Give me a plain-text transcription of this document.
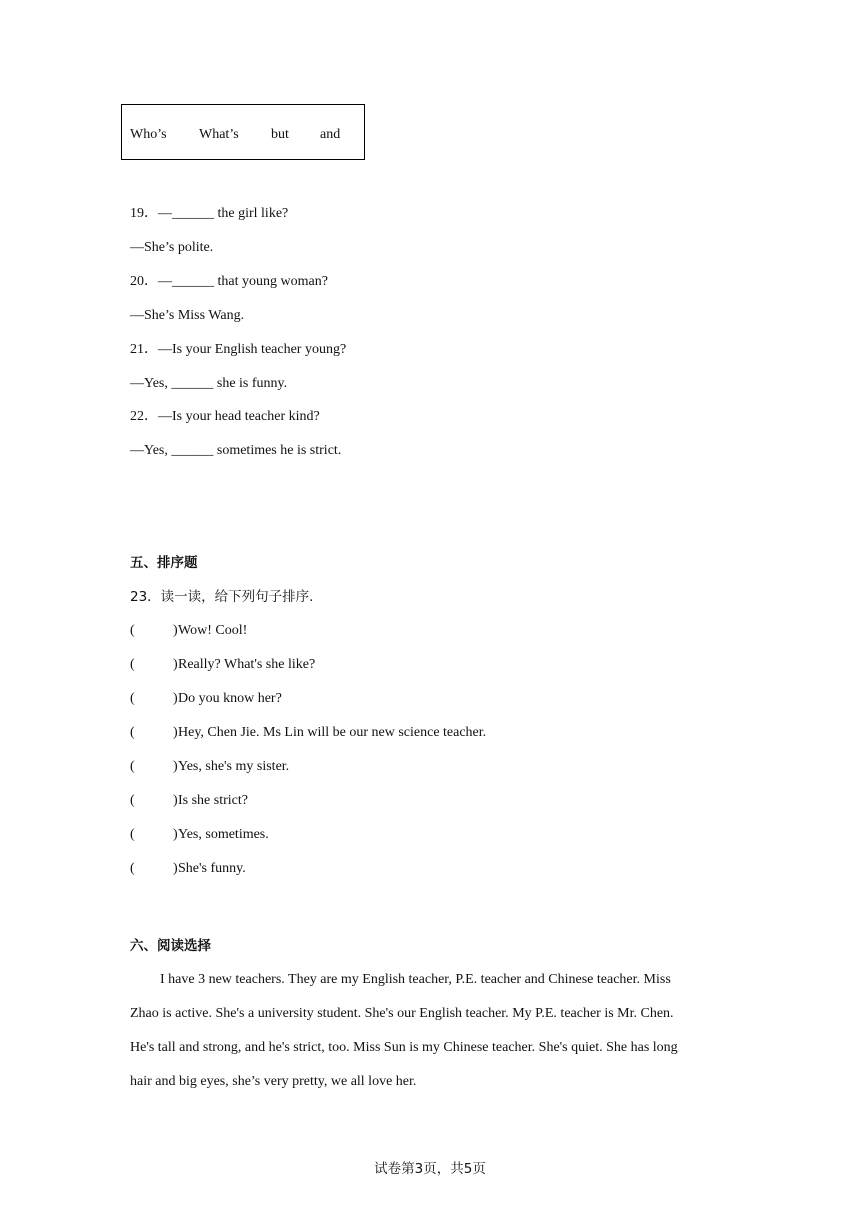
Who’s What’s but and
19．—______ the girl like?
—She’s polite.
20．—______ that young woman?
—She’s Miss Wang.
21．—Is your English teacher young?
—Yes, ______ she is funny.
22．—Is your head teacher kind?
—Yes, ______ sometimes he is strict.
五、排序题
23．读一读，给下列句子排序.
(	) Wow! Cool!
(	) Really? What's she like?
(	) Do you know her?
(	) Hey, Chen Jie. Ms Lin will be our new science teacher.
(	) Yes, she's my sister.
(	) Is she strict?
(	) Yes, sometimes.
(	) She's funny.
六、阅读选择
I have 3 new teachers. They are my English teacher, P.E. teacher and Chinese teacher. Miss
Zhao is active. She's a university student. She's our English teacher. My P.E. teacher is Mr. Chen.
He's tall and strong, and he's strict, too. Miss Sun is my Chinese teacher. She's quiet. She has long
hair and big eyes, she’s very pretty, we all love her.
试卷第3页，共5页
